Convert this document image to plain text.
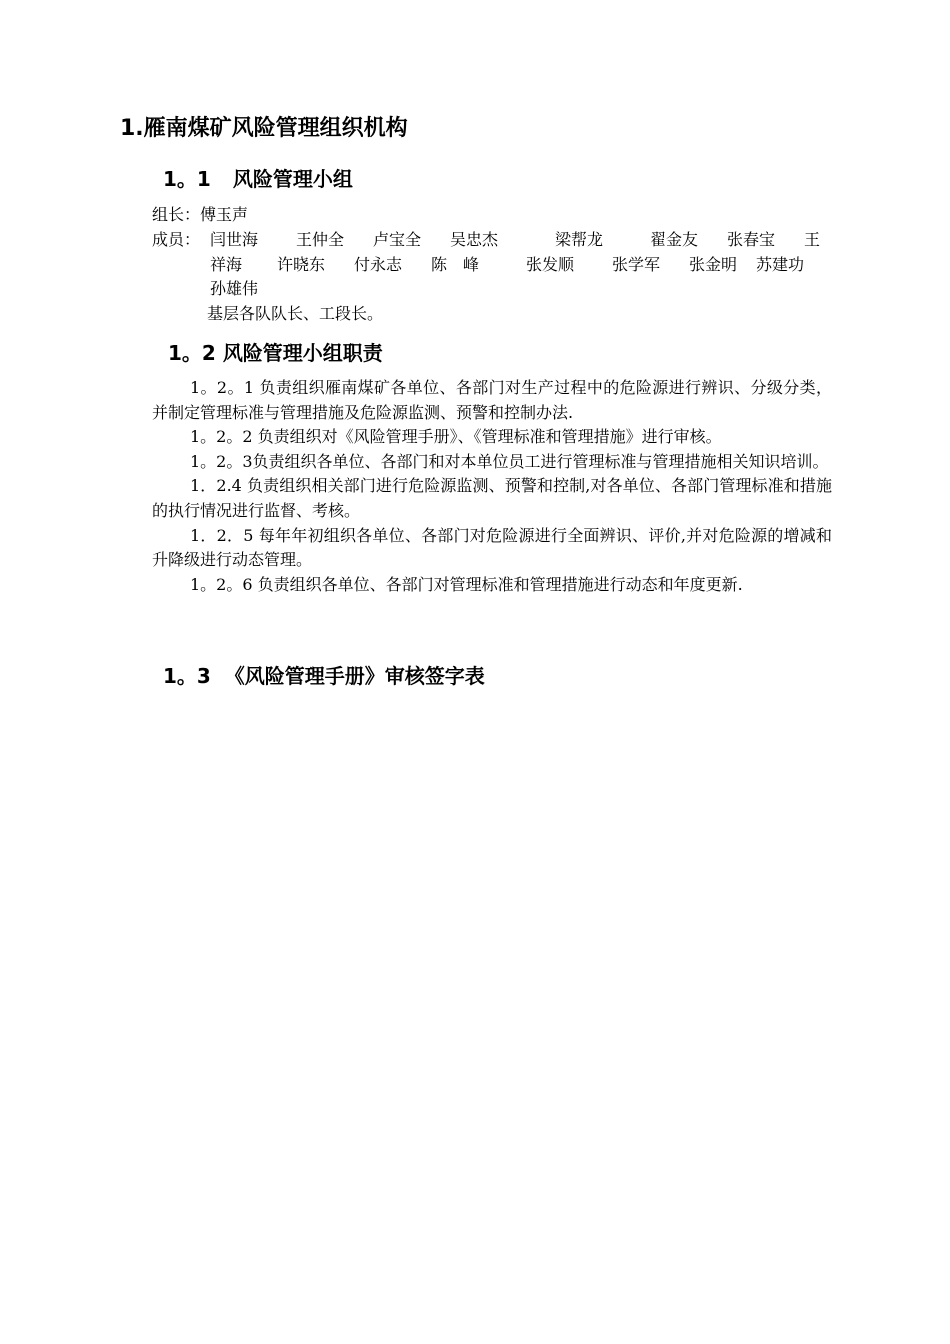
1.雁南煤矿风险管理组织机构
1。1 风险管理小组
组长：傅玉声
成员： 闫世海 王仲全 卢宝全 吴忠杰	梁帮龙	翟金友 张春宝 王
祥海 许晓东 付永志 陈　峰	张发顺 张学军 张金明 苏建功
孙雄伟
基层各队队长、工段长。
1。2 风险管理小组职责

1。2。1 负责组织雁南煤矿各单位、各部门对生产过程中的危险源进行辨识、分级分类，并制定管理标准与管理措施及危险源监测、预警和控制办法.

1。2。2 负责组织对《风险管理手册》、《管理标准和管理措施》进行审核。

1。2。3负责组织各单位、各部门和对本单位员工进行管理标准与管理措施相关知识培训。

1．2.4 负责组织相关部门进行危险源监测、预警和控制,对各单位、各部门管理标准和措施的执行情况进行监督、考核。

1．2．5 每年年初组织各单位、各部门对危险源进行全面辨识、评价,并对危险源的增减和升降级进行动态管理。

1。2。6 负责组织各单位、各部门对管理标准和管理措施进行动态和年度更新.

1。3 《风险管理手册》审核签字表
